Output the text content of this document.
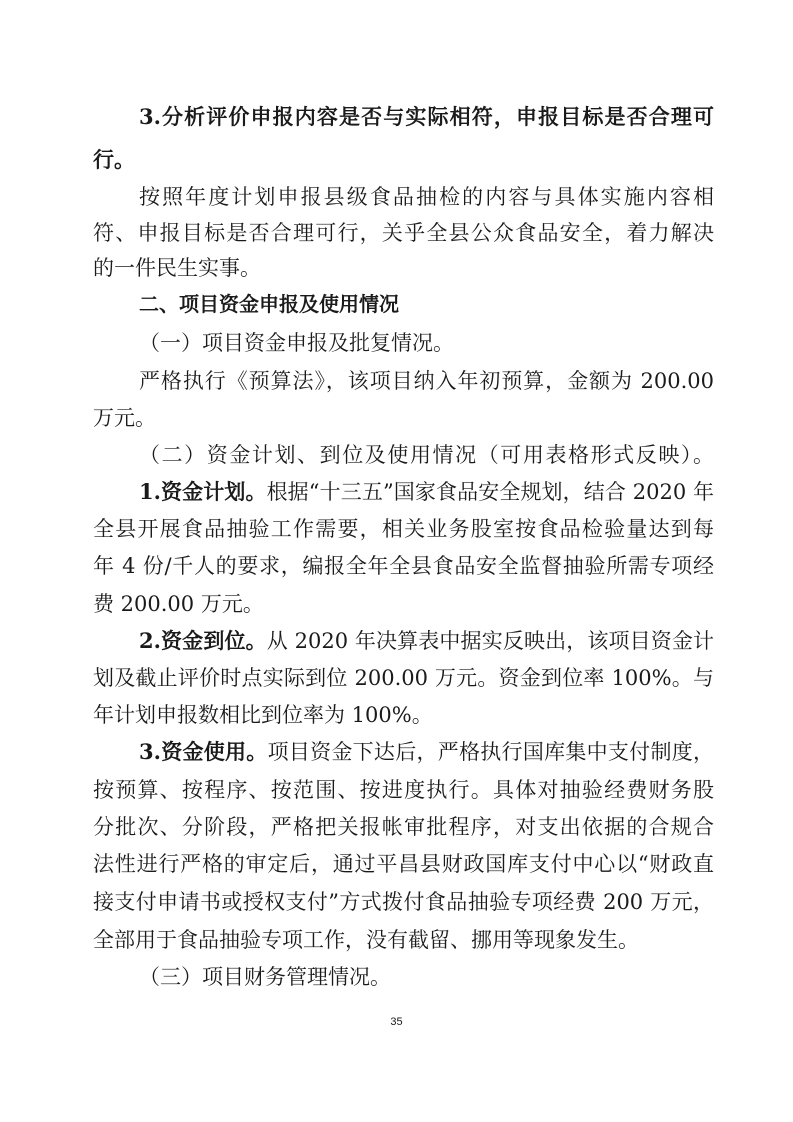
3.分析评价申报内容是否与实际相符，申报目标是否合理可
行。
按照年度计划申报县级食品抽检的内容与具体实施内容相
符、申报目标是否合理可行，关乎全县公众食品安全，着力解决
的一件民生实事。
二、项目资金申报及使用情况
（一）项目资金申报及批复情况。
严格执行《预算法》，该项目纳入年初预算，金额为 200.00
万元。
（二）资金计划、到位及使用情况（可用表格形式反映）。
1.资金计划。根据“十三五”国家食品安全规划，结合 2020 年
全县开展食品抽验工作需要，相关业务股室按食品检验量达到每
年 4 份/千人的要求，编报全年全县食品安全监督抽验所需专项经
费 200.00 万元。
2.资金到位。从 2020 年决算表中据实反映出，该项目资金计
划及截止评价时点实际到位 200.00 万元。资金到位率 100%。与
年计划申报数相比到位率为 100%。
3.资金使用。项目资金下达后，严格执行国库集中支付制度，
按预算、按程序、按范围、按进度执行。具体对抽验经费财务股
分批次、分阶段，严格把关报帐审批程序，对支出依据的合规合
法性进行严格的审定后，通过平昌县财政国库支付中心以“财政直
接支付申请书或授权支付”方式拨付食品抽验专项经费 200 万元，
全部用于食品抽验专项工作，没有截留、挪用等现象发生。
（三）项目财务管理情况。
35
